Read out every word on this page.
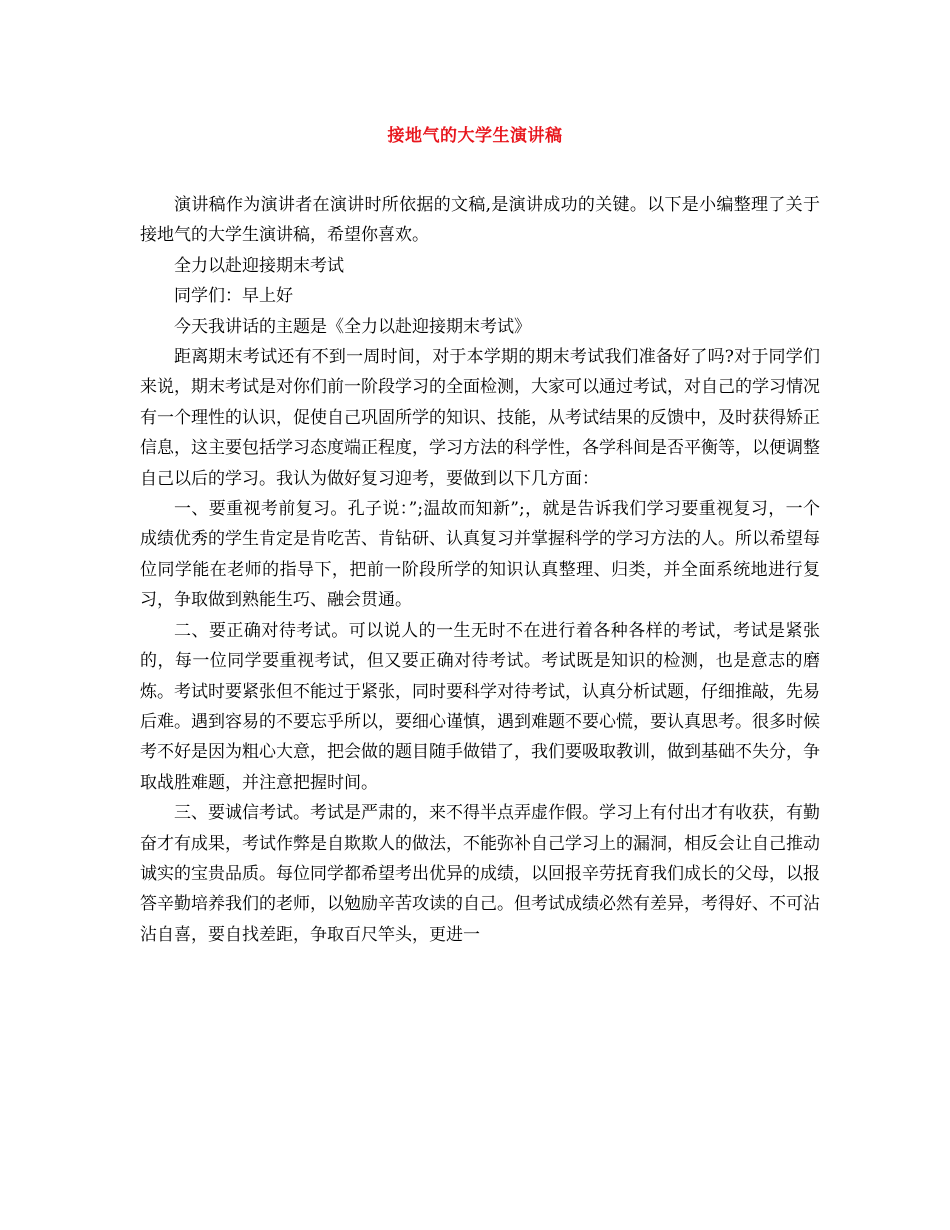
接地气的大学生演讲稿

演讲稿作为演讲者在演讲时所依据的文稿,是演讲成功的关键。以下是小编整理了关于接地气的大学生演讲稿，希望你喜欢。

全力以赴迎接期末考试

同学们：早上好

今天我讲话的主题是《全力以赴迎接期末考试》

距离期末考试还有不到一周时间，对于本学期的期末考试我们准备好了吗?对于同学们来说，期末考试是对你们前一阶段学习的全面检测，大家可以通过考试，对自己的学习情况有一个理性的认识，促使自己巩固所学的知识、技能，从考试结果的反馈中，及时获得矫正信息，这主要包括学习态度端正程度，学习方法的科学性，各学科间是否平衡等，以便调整自己以后的学习。我认为做好复习迎考，要做到以下几方面：

一、要重视考前复习。孔子说：”;温故而知新”;，就是告诉我们学习要重视复习，一个成绩优秀的学生肯定是肯吃苦、肯钻研、认真复习并掌握科学的学习方法的人。所以希望每位同学能在老师的指导下，把前一阶段所学的知识认真整理、归类，并全面系统地进行复习，争取做到熟能生巧、融会贯通。

二、要正确对待考试。可以说人的一生无时不在进行着各种各样的考试，考试是紧张的，每一位同学要重视考试，但又要正确对待考试。考试既是知识的检测，也是意志的磨炼。考试时要紧张但不能过于紧张，同时要科学对待考试，认真分析试题，仔细推敲，先易后难。遇到容易的不要忘乎所以，要细心谨慎，遇到难题不要心慌，要认真思考。很多时候考不好是因为粗心大意，把会做的题目随手做错了，我们要吸取教训，做到基础不失分，争取战胜难题，并注意把握时间。

三、要诚信考试。考试是严肃的，来不得半点弄虚作假。学习上有付出才有收获，有勤奋才有成果，考试作弊是自欺欺人的做法，不能弥补自己学习上的漏洞，相反会让自己推动诚实的宝贵品质。每位同学都希望考出优异的成绩，以回报辛劳抚育我们成长的父母，以报答辛勤培养我们的老师，以勉励辛苦攻读的自己。但考试成绩必然有差异，考得好、不可沾沾自喜，要自找差距，争取百尺竿头，更进一
